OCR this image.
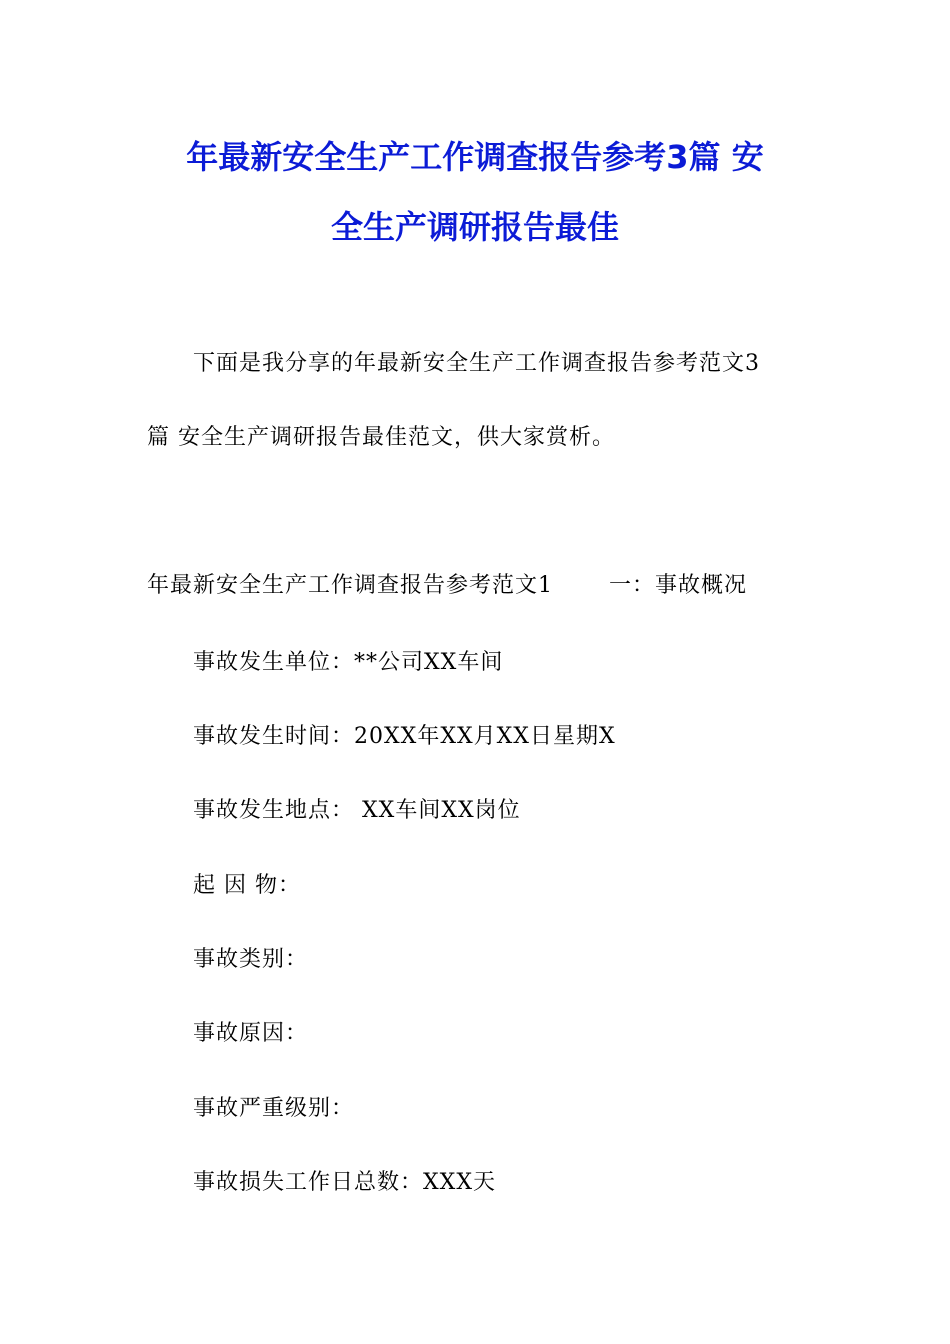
年最新安全生产工作调查报告参考3篇 安
全生产调研报告最佳
下面是我分享的年最新安全生产工作调查报告参考范文3
篇 安全生产调研报告最佳范文，供大家赏析。
年最新安全生产工作调查报告参考范文1	一：事故概况
事故发生单位：**公司XX车间
事故发生时间：20XX年XX月XX日星期X
事故发生地点： XX车间XX岗位
起 因 物：
事故类别：
事故原因：
事故严重级别：
事故损失工作日总数：XXX天
